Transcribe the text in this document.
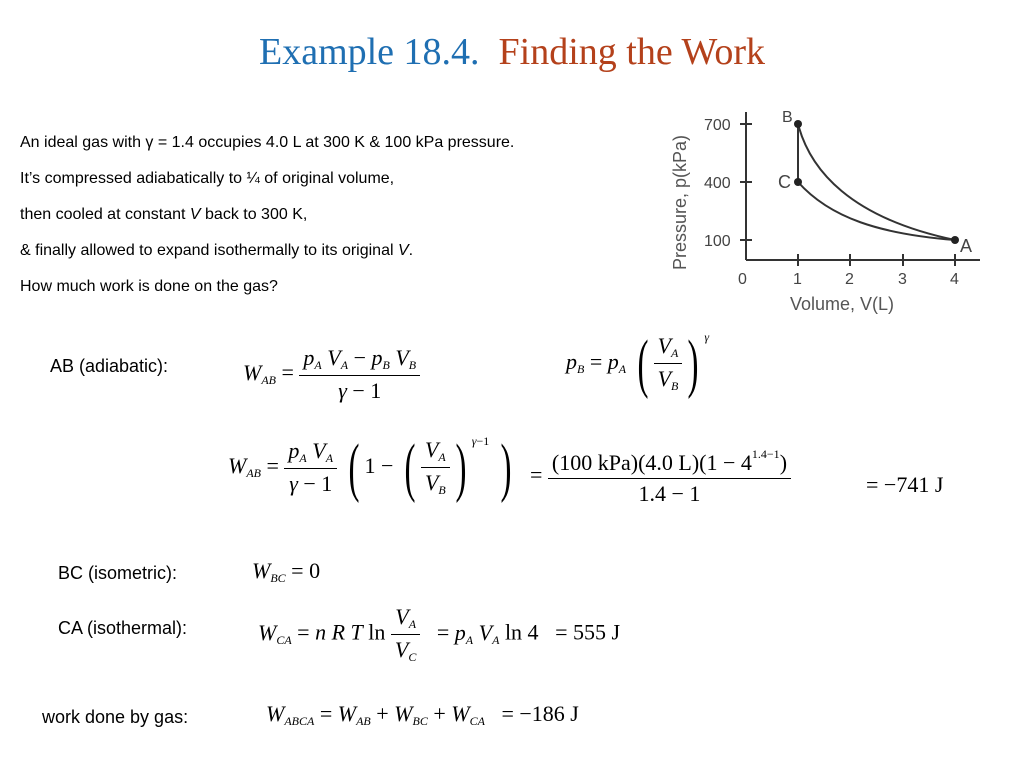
Example 18.4. Finding the Work
An ideal gas with γ = 1.4 occupies 4.0 L at 300 K & 100 kPa pressure.
It’s compressed adiabatically to ¼ of original volume,
then cooled at constant V back to 300 K,
& finally allowed to expand isothermally to its original V.
How much work is done on the gas?
Pressure, p(kPa)
700
400
100
0	1	2	3	4
Volume, V(L)
B
C
A
AB (adiabatic):	$W_{AB} = \frac{p_A V_A - p_B V_B}{\gamma - 1}$	$p_B = p_A$ ( $\frac{V_A}{V_B}$ ) $^\gamma$
$W_{AB} = \frac{p_A V_A}{\gamma - 1}$ ( 1 − ( $\frac{V_A}{V_B}$ ) $^{\gamma-1}$ ) = $\frac{(100 kPa)(4.0 L)(1 - 4^{1.4-1})}{1.4 - 1}$	= −741 J
BC (isometric):	$W_{BC} = 0$
CA (isothermal):	$W_{CA} = n$ R T $\ln \frac{V_A}{V_C} = p_A$ $V_A$ ln 4 = 555 J
work done by gas:	$W_{ABCA} = W_{AB} + W_{BC} + W_{CA} = -186$ J
